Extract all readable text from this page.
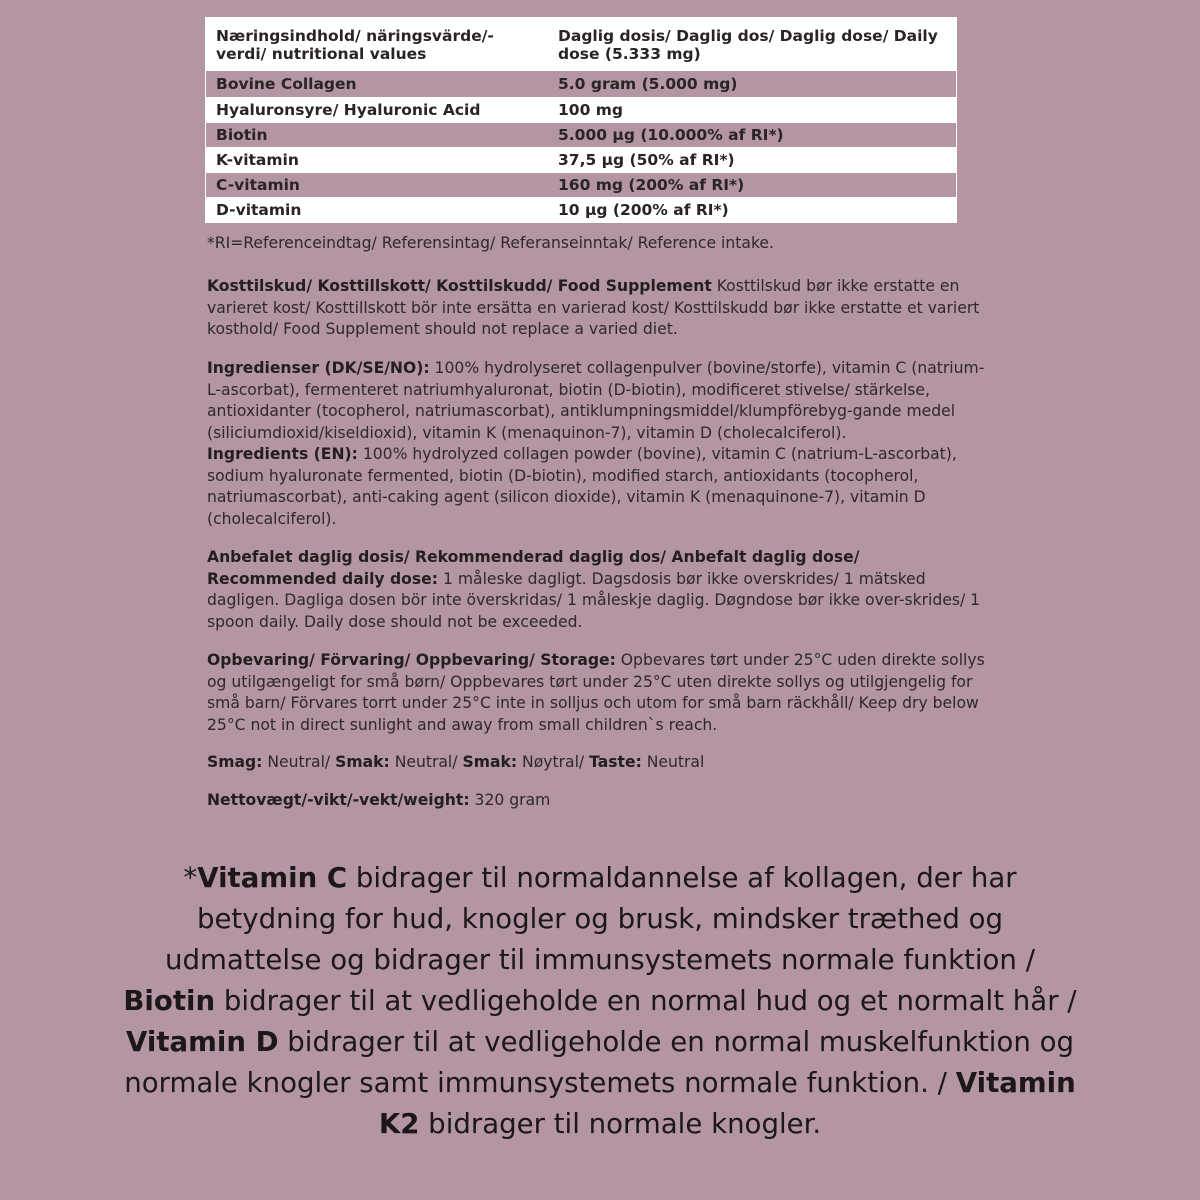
Næringsindhold/ näringsvärde/-verdi/ nutritional values	Daglig dosis/ Daglig dos/ Daglig dose/ Daily dose (5.333 mg)
Bovine Collagen	5.0 gram (5.000 mg)
Hyaluronsyre/ Hyaluronic Acid	100 mg
Biotin	5.000 µg (10.000% af RI*)
K-vitamin	37,5 µg (50% af RI*)
C-vitamin	160 mg (200% af RI*)
D-vitamin	10 µg (200% af RI*)

*RI=Referenceindtag/ Referensintag/ Referanseinntak/ Reference intake.

Kosttilskud/ Kosttillskott/ Kosttilskudd/ Food Supplement Kosttilskud bør ikke erstatte en varieret kost/ Kosttillskott bör inte ersätta en varierad kost/ Kosttilskudd bør ikke erstatte et variert kosthold/ Food Supplement should not replace a varied diet.

Ingredienser (DK/SE/NO): 100% hydrolyseret collagenpulver (bovine/storfe), vitamin C (natrium-L-ascorbat), fermenteret natriumhyaluronat, biotin (D-biotin), modificeret stivelse/ stärkelse, antioxidanter (tocopherol, natriumascorbat), antiklumpningsmiddel/klumpförebyg-gande medel (siliciumdioxid/kiseldioxid), vitamin K (menaquinon-7), vitamin D (cholecalciferol).
Ingredients (EN): 100% hydrolyzed collagen powder (bovine), vitamin C (natrium-L-ascorbat), sodium hyaluronate fermented, biotin (D-biotin), modified starch, antioxidants (tocopherol, natriumascorbat), anti-caking agent (silicon dioxide), vitamin K (menaquinone-7), vitamin D (cholecalciferol).

Anbefalet daglig dosis/ Rekommenderad daglig dos/ Anbefalt daglig dose/ Recommended daily dose: 1 måleske dagligt. Dagsdosis bør ikke overskrides/ 1 mätsked dagligen. Dagliga dosen bör inte överskridas/ 1 måleskje daglig. Døgndose bør ikke over-skrides/ 1 spoon daily. Daily dose should not be exceeded.

Opbevaring/ Förvaring/ Oppbevaring/ Storage: Opbevares tørt under 25°C uden direkte sollys og utilgængeligt for små børn/ Oppbevares tørt under 25°C uten direkte sollys og utilgjengelig for små barn/ Förvares torrt under 25°C inte in solljus och utom for små barn räckhåll/ Keep dry below 25°C not in direct sunlight and away from small children`s reach.

Smag: Neutral/ Smak: Neutral/ Smak: Nøytral/ Taste: Neutral

Nettovægt/-vikt/-vekt/weight: 320 gram

*Vitamin C bidrager til normaldannelse af kollagen, der har betydning for hud, knogler og brusk, mindsker træthed og udmattelse og bidrager til immunsystemets normale funktion / Biotin bidrager til at vedligeholde en normal hud og et normalt hår / Vitamin D bidrager til at vedligeholde en normal muskelfunktion og normale knogler samt immunsystemets normale funktion. / Vitamin K2 bidrager til normale knogler.
